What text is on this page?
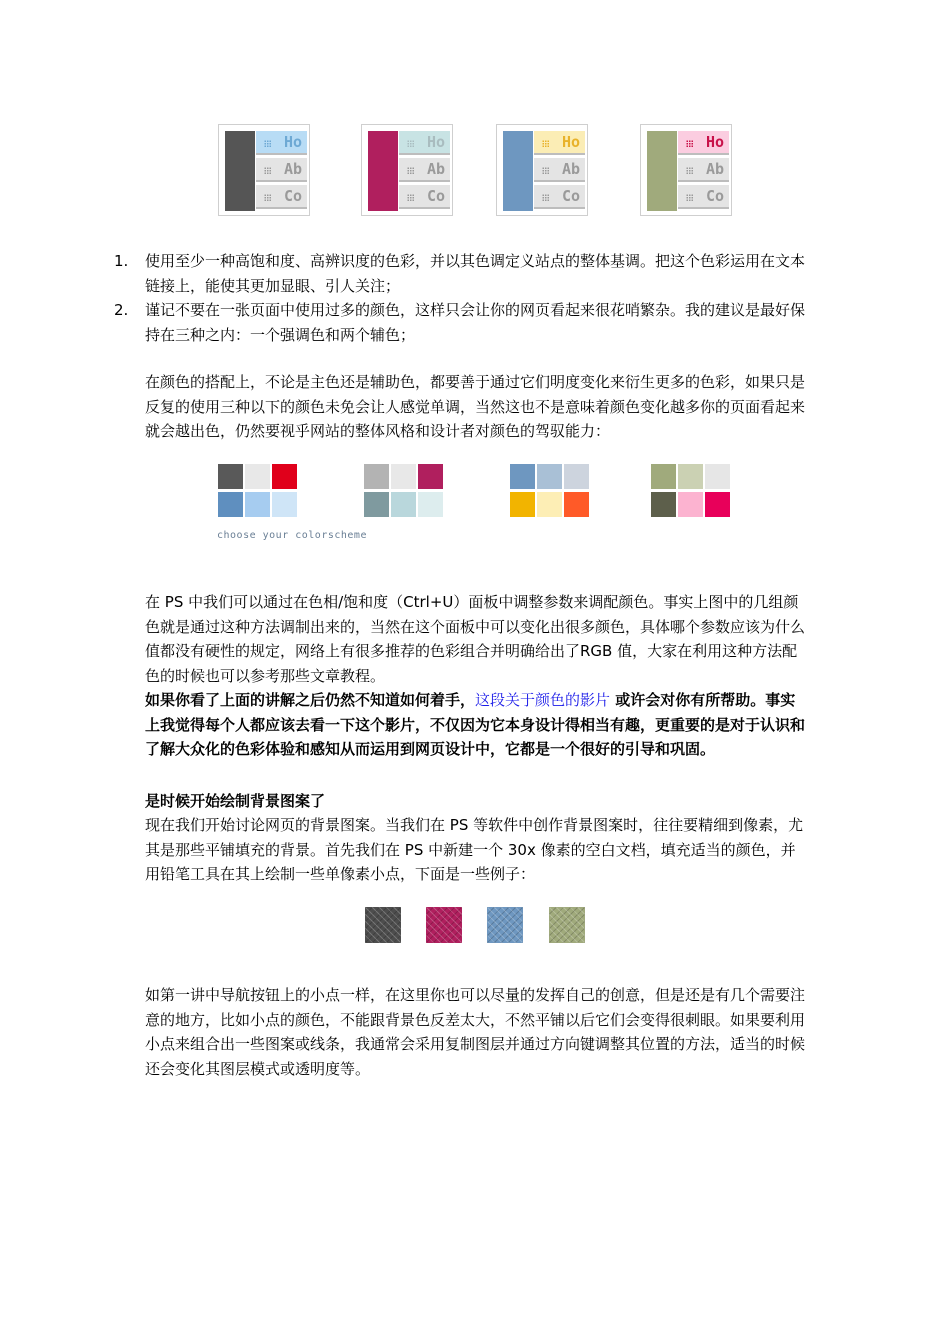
Ho
Ab
Co
Ho
Ab
Co
Ho
Ab
Co
Ho
Ab
Co
1. 使用至少一种高饱和度、高辨识度的色彩，并以其色调定义站点的整体基调。把这个色彩运用在文本链接上，能使其更加显眼、引人关注；
2. 谨记不要在一张页面中使用过多的颜色，这样只会让你的网页看起来很花哨繁杂。我的建议是最好保持在三种之内：一个强调色和两个辅色；
在颜色的搭配上，不论是主色还是辅助色，都要善于通过它们明度变化来衍生更多的色彩，如果只是反复的使用三种以下的颜色未免会让人感觉单调，当然这也不是意味着颜色变化越多你的页面看起来就会越出色，仍然要视乎网站的整体风格和设计者对颜色的驾驭能力：
choose your colorscheme
在 PS 中我们可以通过在色相/饱和度（Ctrl+U）面板中调整参数来调配颜色。事实上图中的几组颜色就是通过这种方法调制出来的，当然在这个面板中可以变化出很多颜色，具体哪个参数应该为什么值都没有硬性的规定，网络上有很多推荐的色彩组合并明确给出了RGB 值，大家在利用这种方法配色的时候也可以参考那些文章教程。
如果你看了上面的讲解之后仍然不知道如何着手，这段关于颜色的影片 或许会对你有所帮助。事实上我觉得每个人都应该去看一下这个影片，不仅因为它本身设计得相当有趣，更重要的是对于认识和了解大众化的色彩体验和感知从而运用到网页设计中，它都是一个很好的引导和巩固。
是时候开始绘制背景图案了
现在我们开始讨论网页的背景图案。当我们在 PS 等软件中创作背景图案时，往往要精细到像素，尤其是那些平铺填充的背景。首先我们在 PS 中新建一个 30x 像素的空白文档，填充适当的颜色，并用铅笔工具在其上绘制一些单像素小点，下面是一些例子：
如第一讲中导航按钮上的小点一样，在这里你也可以尽量的发挥自己的创意，但是还是有几个需要注意的地方，比如小点的颜色，不能跟背景色反差太大，不然平铺以后它们会变得很刺眼。如果要利用小点来组合出一些图案或线条，我通常会采用复制图层并通过方向键调整其位置的方法，适当的时候还会变化其图层模式或透明度等。
